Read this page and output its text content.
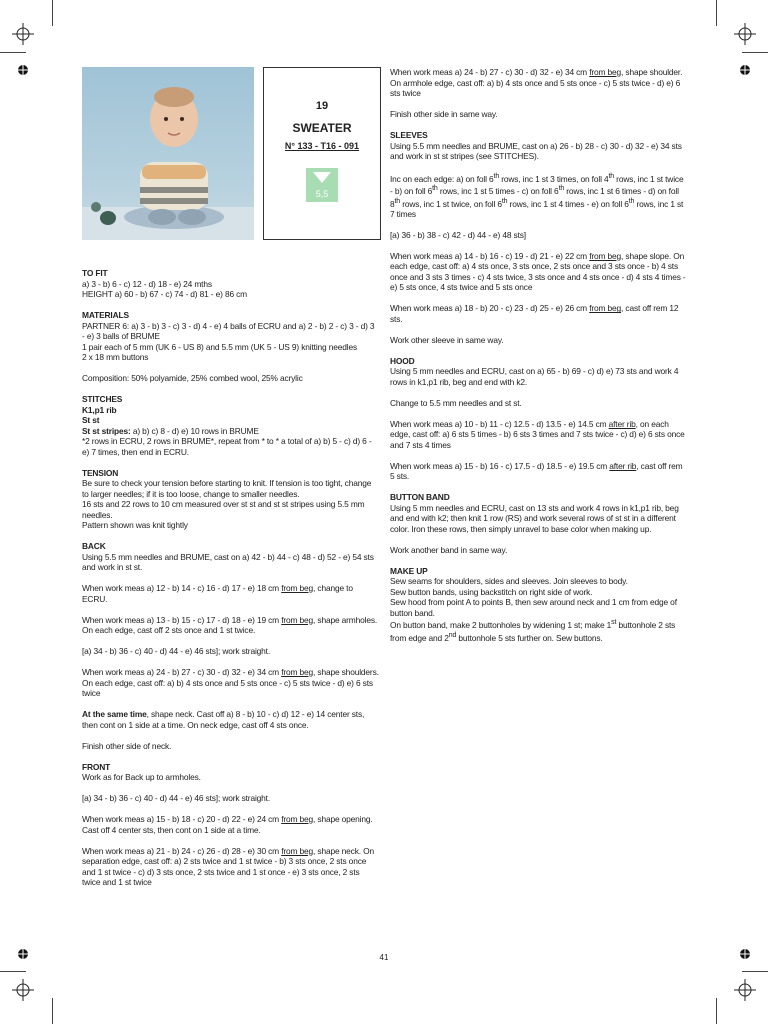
19
SWEATER
N° 133 - T16 - 091
5,5

TO FIT

a) 3 - b) 6 - c) 12 - d) 18 - e) 24 mths

HEIGHT a) 60 - b) 67 - c) 74 - d) 81 - e) 86 cm

MATERIALS

PARTNER 6: a) 3 - b) 3 - c) 3 - d) 4 - e) 4 balls of ECRU and a) 2 - b) 2 - c) 3 - d) 3 - e) 3 balls of BRUME

1 pair each of 5 mm (UK 6 - US 8) and 5.5 mm (UK 5 - US 9) knitting needles

2 x 18 mm buttons

Composition: 50% polyamide, 25% combed wool, 25% acrylic

STITCHES

K1,p1 rib

St st

St st stripes: a) b) c) 8 - d) e) 10 rows in BRUME

*2 rows in ECRU, 2 rows in BRUME*, repeat from * to * a total of a) b) 5 - c) d) 6 - e) 7 times, then end in ECRU.

TENSION

Be sure to check your tension before starting to knit. If tension is too tight, change to larger needles; if it is too loose, change to smaller needles.

16 sts and 22 rows to 10 cm measured over st st and st st stripes using 5.5 mm needles.

Pattern shown was knit tightly

BACK

Using 5.5 mm needles and BRUME, cast on a) 42 - b) 44 - c) 48 - d) 52 - e) 54 sts and work in st st.

When work meas a) 12 - b) 14 - c) 16 - d) 17 - e) 18 cm from beg, change to ECRU.

When work meas a) 13 - b) 15 - c) 17 - d) 18 - e) 19 cm from beg, shape armholes. On each edge, cast off 2 sts once and 1 st twice.

[a) 34 - b) 36 - c) 40 - d) 44 - e) 46 sts]; work straight.

When work meas a) 24 - b) 27 - c) 30 - d) 32 - e) 34 cm from beg, shape shoulders. On each edge, cast off: a) b) 4 sts once and 5 sts once - c) 5 sts twice - d) e) 6 sts twice

At the same time, shape neck. Cast off a) 8 - b) 10 - c) d) 12 - e) 14 center sts, then cont on 1 side at a time. On neck edge, cast off 4 sts once.

Finish other side of neck.

FRONT

Work as for Back up to armholes.

[a) 34 - b) 36 - c) 40 - d) 44 - e) 46 sts]; work straight.

When work meas a) 15 - b) 18 - c) 20 - d) 22 - e) 24 cm from beg, shape opening. Cast off 4 center sts, then cont on 1 side at a time.

When work meas a) 21 - b) 24 - c) 26 - d) 28 - e) 30 cm from beg, shape neck. On separation edge, cast off: a) 2 sts twice and 1 st twice - b) 3 sts once, 2 sts once and 1 st twice - c) d) 3 sts once, 2 sts twice and 1 st once - e) 3 sts once, 2 sts twice and 1 st twice

When work meas a) 24 - b) 27 - c) 30 - d) 32 - e) 34 cm from beg, shape shoulder. On armhole edge, cast off: a) b) 4 sts once and 5 sts once - c) 5 sts twice - d) e) 6 sts twice

Finish other side in same way.

SLEEVES

Using 5.5 mm needles and BRUME, cast on a) 26 - b) 28 - c) 30 - d) 32 - e) 34 sts and work in st st stripes (see STITCHES).

Inc on each edge: a) on foll 6th rows, inc 1 st 3 times, on foll 4th rows, inc 1 st twice - b) on foll 6th rows, inc 1 st 5 times - c) on foll 6th rows, inc 1 st 6 times - d) on foll 8th rows, inc 1 st twice, on foll 6th rows, inc 1 st 4 times - e) on foll 6th rows, inc 1 st 7 times

[a) 36 - b) 38 - c) 42 - d) 44 - e) 48 sts]

When work meas a) 14 - b) 16 - c) 19 - d) 21 - e) 22 cm from beg, shape slope. On each edge, cast off: a) 4 sts once, 3 sts once, 2 sts once and 3 sts once - b) 4 sts once and 3 sts 3 times - c) 4 sts twice, 3 sts once and 4 sts once - d) 4 sts 4 times - e) 5 sts once, 4 sts twice and 5 sts once

When work meas a) 18 - b) 20 - c) 23 - d) 25 - e) 26 cm from beg, cast off rem 12 sts.

Work other sleeve in same way.

HOOD

Using 5 mm needles and ECRU, cast on a) 65 - b) 69 - c) d) e) 73 sts and work 4 rows in k1,p1 rib, beg and end with k2.

Change to 5.5 mm needles and st st.

When work meas a) 10 - b) 11 - c) 12.5 - d) 13.5 - e) 14.5 cm after rib, on each edge, cast off: a) 6 sts 5 times - b) 6 sts 3 times and 7 sts twice - c) d) e) 6 sts once and 7 sts 4 times

When work meas a) 15 - b) 16 - c) 17.5 - d) 18.5 - e) 19.5 cm after rib, cast off rem 5 sts.

BUTTON BAND

Using 5 mm needles and ECRU, cast on 13 sts and work 4 rows in k1,p1 rib, beg and end with k2; then knit 1 row (RS) and work several rows of st st in a different color. Iron these rows, then simply unravel to base color when making up.

Work another band in same way.

MAKE UP

Sew seams for shoulders, sides and sleeves. Join sleeves to body.

Sew button bands, using backstitch on right side of work.

Sew hood from point A to points B, then sew around neck and 1 cm from edge of button band.

On button band, make 2 buttonholes by widening 1 st; make 1st buttonhole 2 sts from edge and 2nd buttonhole 5 sts further on. Sew buttons.

41
